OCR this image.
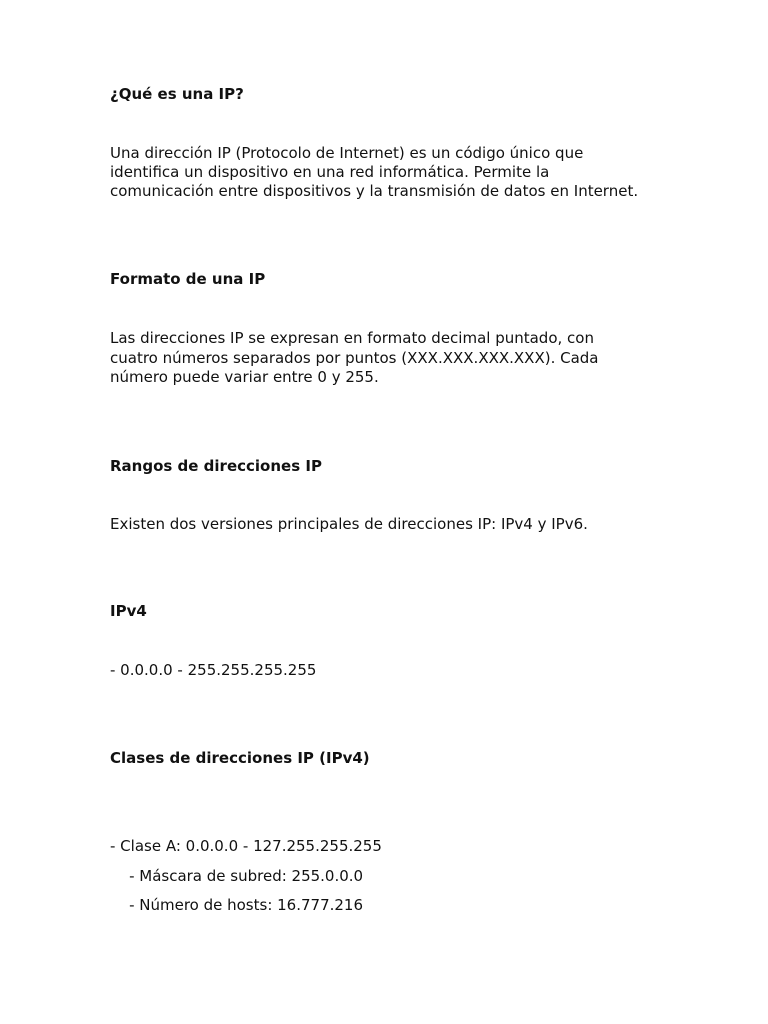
¿Qué es una IP?

Una dirección IP (Protocolo de Internet) es un código único que

identifica un dispositivo en una red informática. Permite la

comunicación entre dispositivos y la transmisión de datos en Internet.

Formato de una IP

Las direcciones IP se expresan en formato decimal puntado, con

cuatro números separados por puntos (XXX.XXX.XXX.XXX). Cada

número puede variar entre 0 y 255.

Rangos de direcciones IP

Existen dos versiones principales de direcciones IP: IPv4 y IPv6.

IPv4

- 0.0.0.0 - 255.255.255.255

Clases de direcciones IP (IPv4)

- Clase A: 0.0.0.0 - 127.255.255.255

- Máscara de subred: 255.0.0.0

- Número de hosts: 16.777.216
